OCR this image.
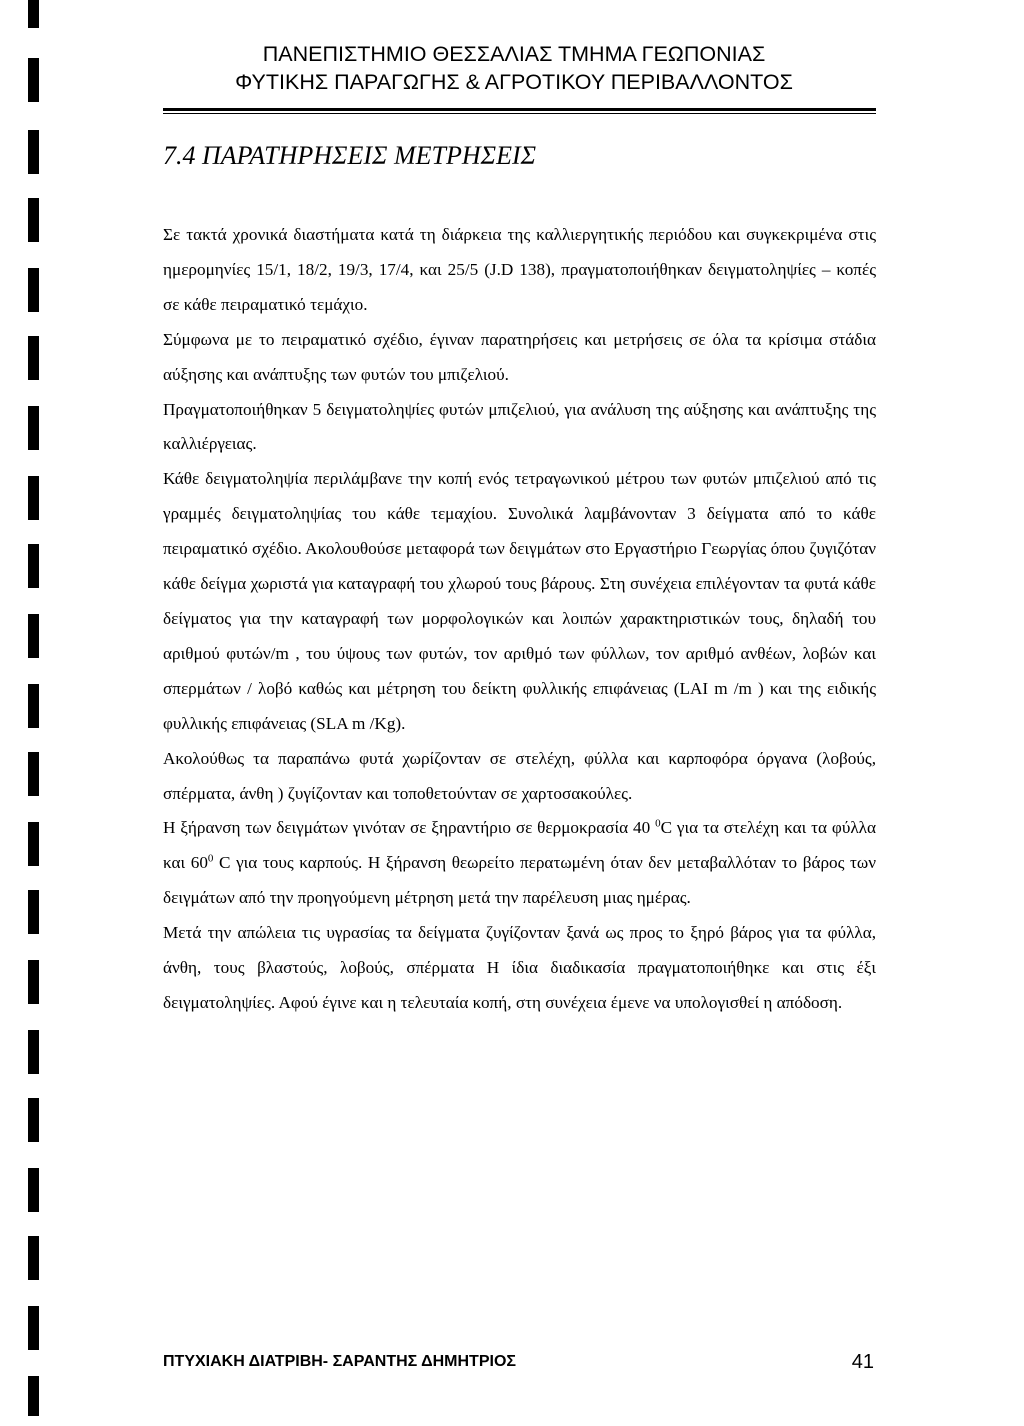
ΠΑΝΕΠΙΣΤΗΜΙΟ ΘΕΣΣΑΛΙΑΣ ΤΜΗΜΑ ΓΕΩΠΟΝΙΑΣ
ΦΥΤΙΚΗΣ ΠΑΡΑΓΩΓΗΣ & ΑΓΡΟΤΙΚΟΥ ΠΕΡΙΒΑΛΛΟΝΤΟΣ
7.4 ΠΑΡΑΤΗΡΗΣΕΙΣ ΜΕΤΡΗΣΕΙΣ

Σε τακτά χρονικά διαστήματα κατά τη διάρκεια της καλλιεργητικής περιόδου και συγκεκριμένα στις ημερομηνίες 15/1, 18/2, 19/3, 17/4, και 25/5 (J.D 138), πραγματοποιήθηκαν δειγματοληψίες – κοπές σε κάθε πειραματικό τεμάχιο.

Σύμφωνα με το πειραματικό σχέδιο, έγιναν παρατηρήσεις και μετρήσεις σε όλα τα κρίσιμα στάδια αύξησης και ανάπτυξης των φυτών του μπιζελιού.

Πραγματοποιήθηκαν 5 δειγματοληψίες φυτών μπιζελιού, για ανάλυση της αύξησης και ανάπτυξης της καλλιέργειας.

Κάθε δειγματοληψία περιλάμβανε την κοπή ενός τετραγωνικού μέτρου των φυτών μπιζελιού από τις γραμμές δειγματοληψίας του κάθε τεμαχίου. Συνολικά λαμβάνονταν 3 δείγματα από το κάθε πειραματικό σχέδιο. Ακολουθούσε μεταφορά των δειγμάτων στο Εργαστήριο Γεωργίας όπου ζυγιζόταν κάθε δείγμα χωριστά για καταγραφή του χλωρού τους βάρους. Στη συνέχεια επιλέγονταν τα φυτά κάθε δείγματος για την καταγραφή των μορφολογικών και λοιπών χαρακτηριστικών τους, δηλαδή του αριθμού φυτών/m , του ύψους των φυτών, τον αριθμό των φύλλων, τον αριθμό ανθέων, λοβών και σπερμάτων / λοβό καθώς και μέτρηση του δείκτη φυλλικής επιφάνειας (LAI m /m ) και της ειδικής φυλλικής επιφάνειας (SLA m /Kg).

Ακολούθως τα παραπάνω φυτά χωρίζονταν σε στελέχη, φύλλα και καρποφόρα όργανα (λοβούς, σπέρματα, άνθη ) ζυγίζονταν και τοποθετούνταν σε χαρτοσακούλες.

Η ξήρανση των δειγμάτων γινόταν σε ξηραντήριο σε θερμοκρασία 40 $^0$C για τα στελέχη και τα φύλλα και $60^0$ C για τους καρπούς. Η ξήρανση θεωρείτο περατωμένη όταν δεν μεταβαλλόταν το βάρος των δειγμάτων από την προηγούμενη μέτρηση μετά την παρέλευση μιας ημέρας.

Μετά την απώλεια τις υγρασίας τα δείγματα ζυγίζονταν ξανά ως προς το ξηρό βάρος για τα φύλλα, άνθη, τους βλαστούς, λοβούς, σπέρματα Η ίδια διαδικασία πραγματοποιήθηκε και στις έξι δειγματοληψίες. Αφού έγινε και η τελευταία κοπή, στη συνέχεια έμενε να υπολογισθεί η απόδοση.

ΠΤΥΧΙΑΚΗ ΔΙΑΤΡΙΒΗ- ΣΑΡΑΝΤΗΣ ΔΗΜΗΤΡΙΟΣ	41
